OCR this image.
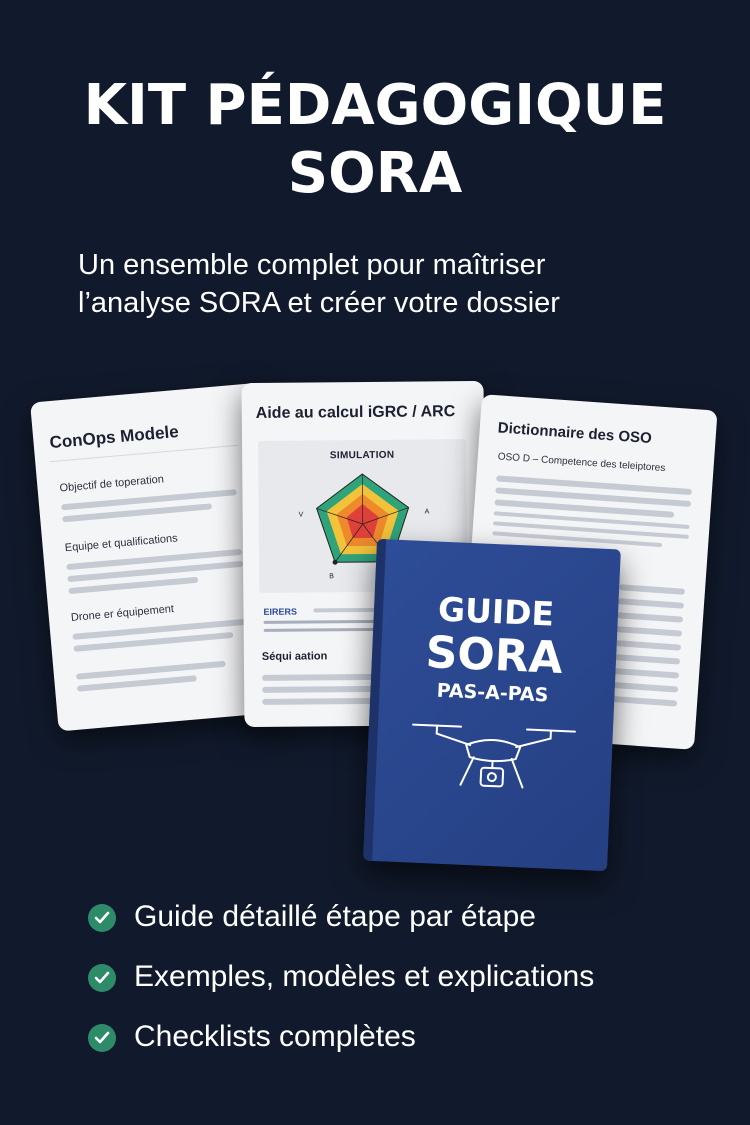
KIT PÉDAGOGIQUE
SORA
Un ensemble complet pour maîtriser
l’analyse SORA et créer votre dossier
ConOps Modele
Objectif de toperation
Equipe et qualifications
Drone er équipement
Aide au calcul iGRC / ARC
SIMULATION
V	A
B
EIRERS
Séqui aation
Dictionnaire des OSO
OSO D – Competence des teleiptores
GUIDE
SORA
PAS-A-PAS
Guide détaillé étape par étape
Exemples, modèles et explications
Checklists complètes
